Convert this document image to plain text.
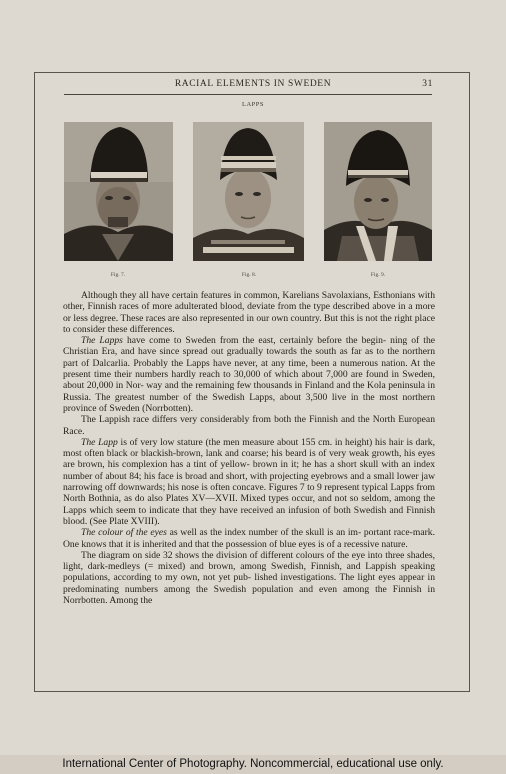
RACIAL ELEMENTS IN SWEDEN	31
LAPPS
Fig. 7.	Fig. 8.	Fig. 9.

Although they all have certain features in common, Karelians Savolaxians, Esthonians with other, Finnish races of more adulterated blood, deviate from the type described above in a more or less degree. These races are also represented in our own country. But this is not the right place to consider these differences.

The Lapps have come to Sweden from the east, certainly before the begin- ning of the Christian Era, and have since spread out gradually towards the south as far as to the northern part of Dalcarlia. Probably the Lapps have never, at any time, been a numerous nation. At the present time their numbers hardly reach to 30,000 of which about 7,000 are found in Sweden, about 20,000 in Nor- way and the remaining few thousands in Finland and the Kola peninsula in Russia. The greatest number of the Swedish Lapps, about 3,500 live in the most northern province of Sweden (Norrbotten).

The Lappish race differs very considerably from both the Finnish and the North European Race.

The Lapp is of very low stature (the men measure about 155 cm. in height) his hair is dark, most often black or blackish-brown, lank and coarse; his beard is of very weak growth, his eyes are brown, his complexion has a tint of yellow- brown in it; he has a short skull with an index number of about 84; his face is broad and short, with projecting eyebrows and a small lower jaw narrowing off downwards; his nose is often concave. Figures 7 to 9 represent typical Lapps from North Bothnia, as do also Plates XV—XVII. Mixed types occur, and not so seldom, among the Lapps which seem to indicate that they have received an infusion of both Swedish and Finnish blood. (See Plate XVIII).

The colour of the eyes as well as the index number of the skull is an im- portant race-mark. One knows that it is inherited and that the possession of blue eyes is of a recessive nature.

The diagram on side 32 shows the division of different colours of the eye into three shades, light, dark-medleys (= mixed) and brown, among Swedish, Finnish, and Lappish speaking populations, according to my own, not yet pub- lished investigations. The light eyes appear in predominating numbers among the Swedish population and even among the Finnish in Norrbotten. Among the

International Center of Photography. Noncommercial, educational use only.
